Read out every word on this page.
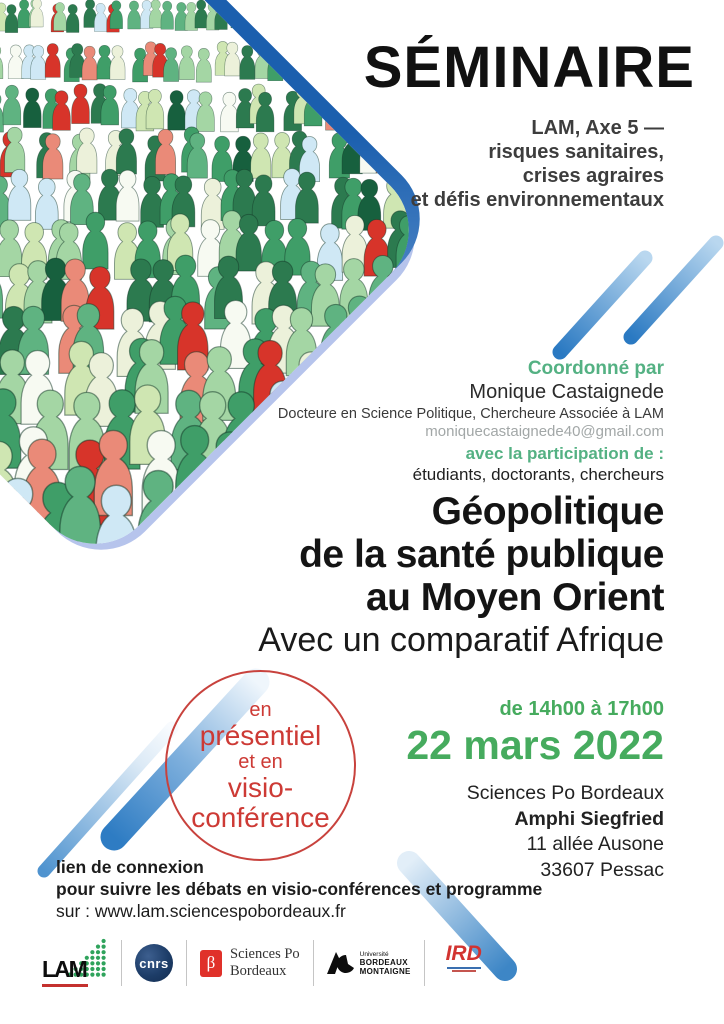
SÉMINAIRE
LAM, Axe 5 —
risques sanitaires,
crises agraires
et défis environnementaux
Coordonné par
Monique Castaignede
Docteure en Science Politique, Chercheure Associée à LAM
moniquecastaignede40@gmail.com
avec la participation de :
étudiants, doctorants, chercheurs
Géopolitique
de la santé publique
au Moyen Orient
Avec un comparatif Afrique
en
présentiel
et en
visio-
conférence
de 14h00 à 17h00
22 mars 2022
Sciences Po Bordeaux
Amphi Siegfried
11 allée Ausone
33607 Pessac
lien de connexion
pour suivre les débats en visio-conférences et programme
sur : www.lam.sciencespobordeaux.fr
LAM	cnrs	β	Sciences Po
Bordeaux
Université
BORDEAUX
MONTAIGNE
IRD
